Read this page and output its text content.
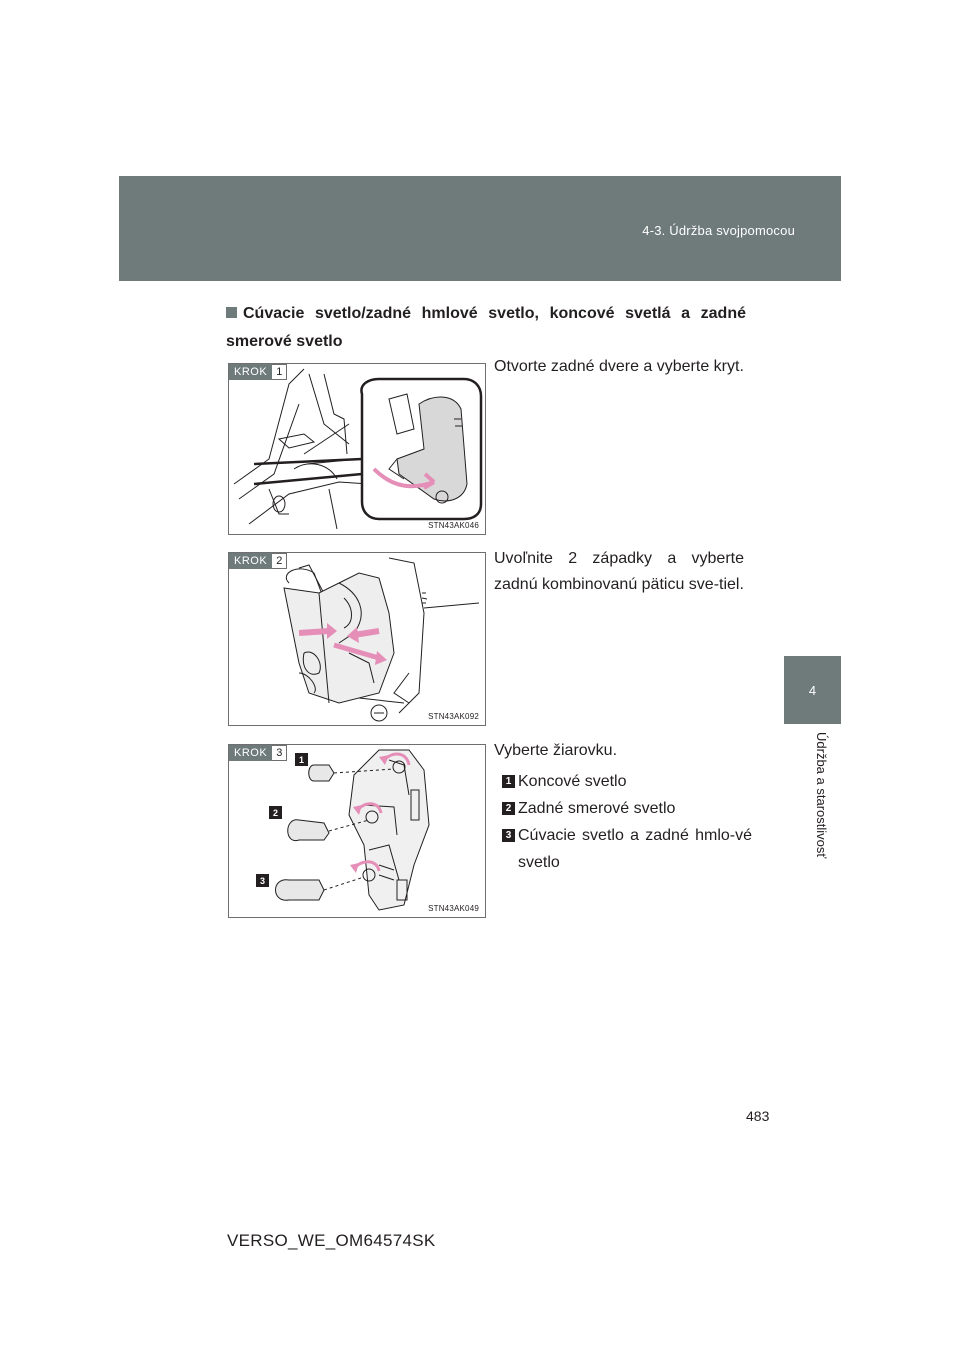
4-3. Údržba svojpomocou
4
Údržba a starostlivosť
Cúvacie svetlo/zadné hmlové svetlo, koncové svetlá a zadné smerové svetlo
KROK 1
STN43AK046
Otvorte zadné dvere a vyberte kryt.
KROK 2
STN43AK092
Uvoľnite 2 západky a vyberte zadnú kombinovanú päticu sve-tiel.
1
2
3
KROK 3
STN43AK049
Vyberte žiarovku.
1 Koncové svetlo
2 Zadné smerové svetlo
3 Cúvacie svetlo a zadné hmlo-vé svetlo
483
VERSO_WE_OM64574SK
